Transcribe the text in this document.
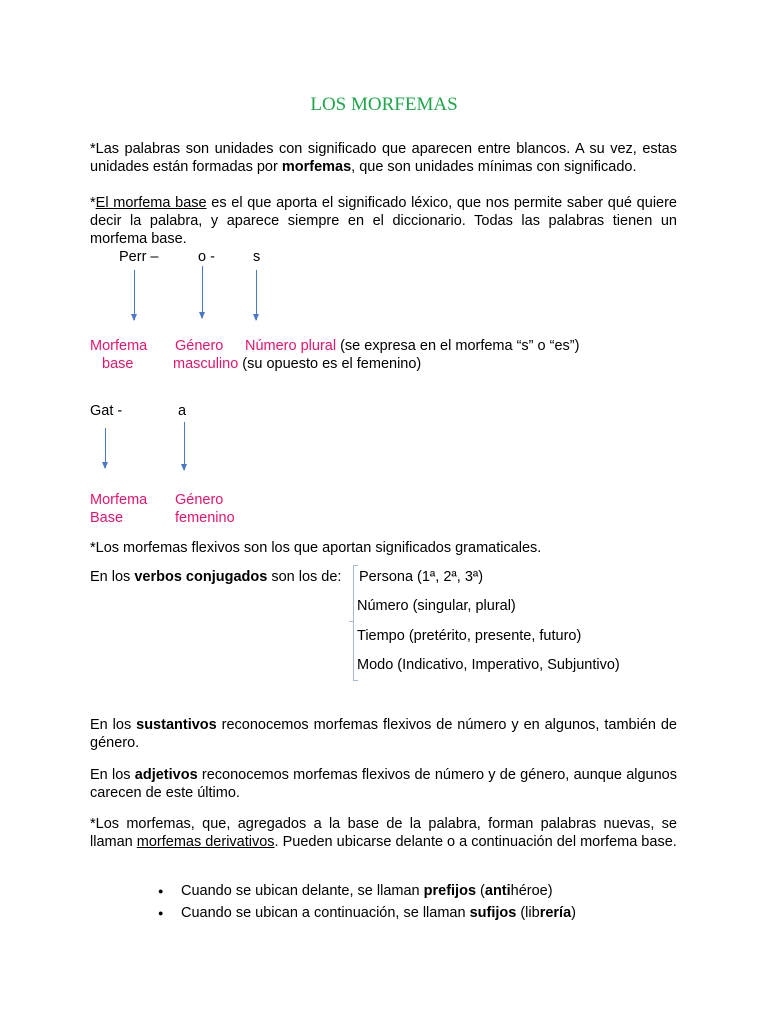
LOS MORFEMAS
*Las palabras son unidades con significado que aparecen entre blancos. A su vez, estas unidades están formadas por morfemas, que son unidades mínimas con significado.
*El morfema base es el que aporta el significado léxico, que nos permite saber qué quiere decir la palabra, y aparece siempre en el diccionario. Todas las palabras tienen un morfema base.
Perr –	o -	s
Morfema
base
Género
masculino (su opuesto es el femenino)
Número plural (se expresa en el morfema “s” o “es”)
Gat -	a
Morfema
Base
Género
femenino
*Los morfemas flexivos son los que aportan significados gramaticales.
En los verbos conjugados son los de: Persona (1ª, 2ª, 3ª)
Número (singular, plural)
Tiempo (pretérito, presente, futuro)
Modo (Indicativo, Imperativo, Subjuntivo)
En los sustantivos reconocemos morfemas flexivos de número y en algunos, también de género.
En los adjetivos reconocemos morfemas flexivos de número y de género, aunque algunos carecen de este último.
*Los morfemas, que, agregados a la base de la palabra, forman palabras nuevas, se llaman morfemas derivativos. Pueden ubicarse delante o a continuación del morfema base.
● Cuando se ubican delante, se llaman prefijos (antihéroe)
● Cuando se ubican a continuación, se llaman sufijos (librería)
